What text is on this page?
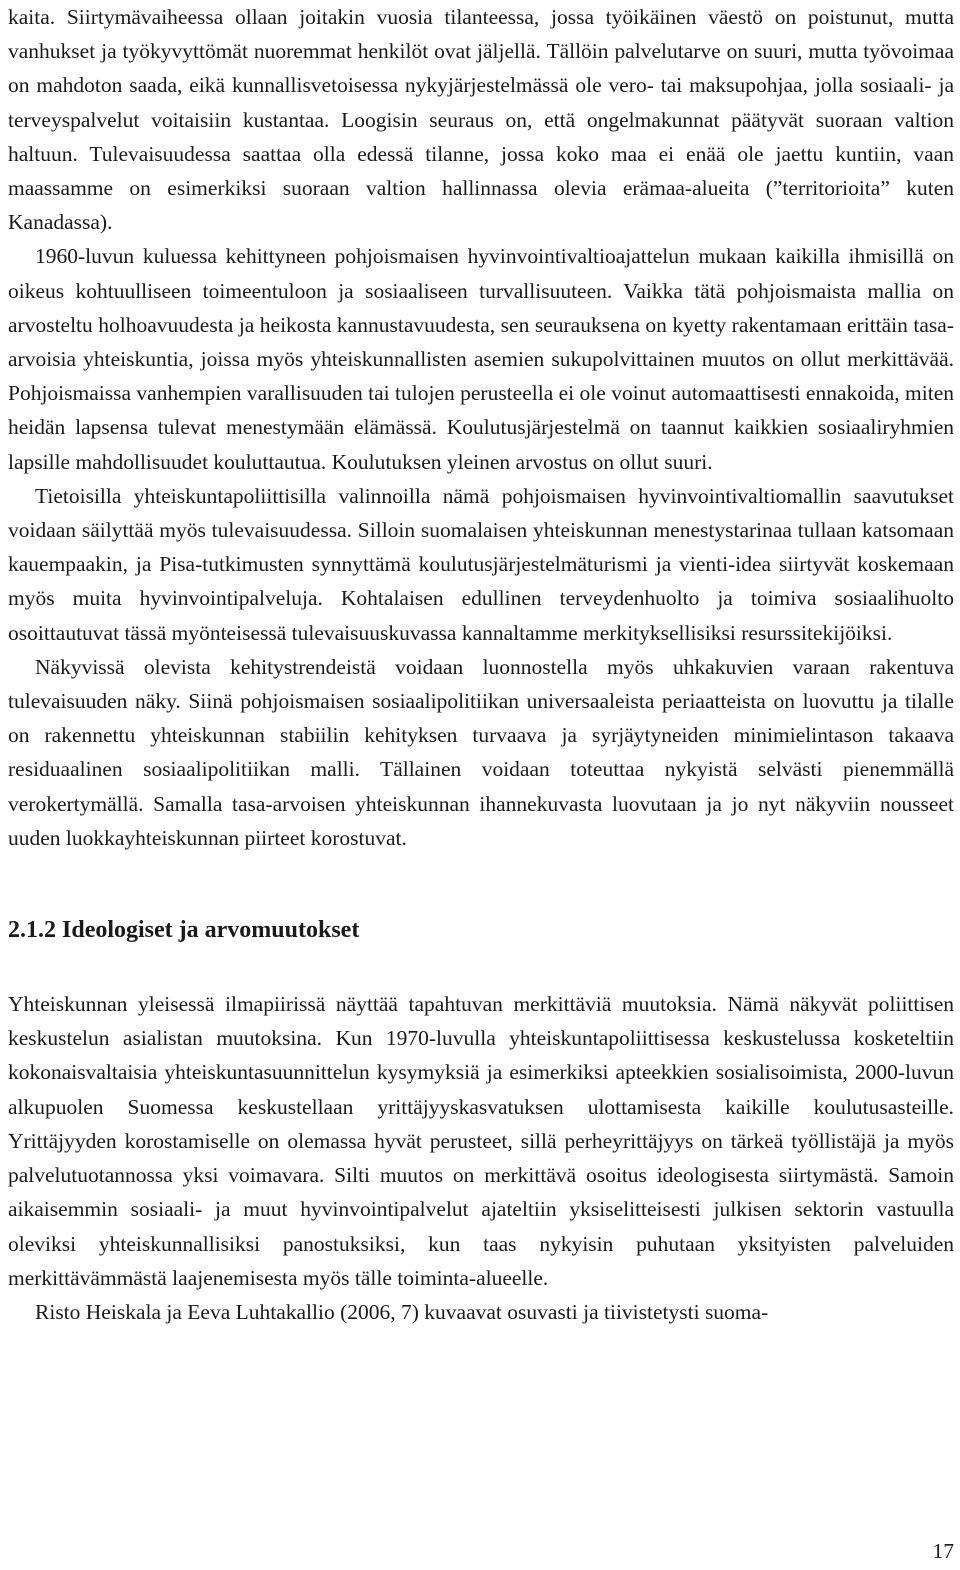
kaita. Siirtymävaiheessa ollaan joitakin vuosia tilanteessa, jossa työikäinen väestö on poistunut, mutta vanhukset ja työkyvyttömät nuoremmat henkilöt ovat jäljellä. Tällöin palvelutarve on suuri, mutta työvoimaa on mahdoton saada, eikä kunnallisvetoisessa nykyjärjestelmässä ole vero- tai maksupohjaa, jolla sosiaali- ja terveyspalvelut voitaisiin kustantaa. Loogisin seuraus on, että ongelmakunnat päätyvät suoraan valtion haltuun. Tulevaisuudessa saattaa olla edessä tilanne, jossa koko maa ei enää ole jaettu kuntiin, vaan maassamme on esimerkiksi suoraan valtion hallinnassa olevia erämaa-alueita (”territorioita” kuten Kanadassa).

1960-luvun kuluessa kehittyneen pohjoismaisen hyvinvointivaltioajattelun mukaan kaikilla ihmisillä on oikeus kohtuulliseen toimeentuloon ja sosiaaliseen turvallisuuteen. Vaikka tätä pohjoismaista mallia on arvosteltu holhoavuudesta ja heikosta kannustavuudesta, sen seurauksena on kyetty rakentamaan erittäin tasa-arvoisia yhteiskuntia, joissa myös yhteiskunnallisten asemien sukupolvittainen muutos on ollut merkittävää. Pohjoismaissa vanhempien varallisuuden tai tulojen perusteella ei ole voinut automaattisesti ennakoida, miten heidän lapsensa tulevat menestymään elämässä. Koulutusjärjestelmä on taannut kaikkien sosiaaliryhmien lapsille mahdollisuudet kouluttautua. Koulutuksen yleinen arvostus on ollut suuri.

Tietoisilla yhteiskuntapoliittisilla valinnoilla nämä pohjoismaisen hyvinvointivaltiomallin saavutukset voidaan säilyttää myös tulevaisuudessa. Silloin suomalaisen yhteiskunnan menestystarinaa tullaan katsomaan kauempaakin, ja Pisa-tutkimusten synnyttämä koulutusjärjestelmäturismi ja vienti-idea siirtyvät koskemaan myös muita hyvinvointipalveluja. Kohtalaisen edullinen terveydenhuolto ja toimiva sosiaalihuolto osoittautuvat tässä myönteisessä tulevaisuuskuvassa kannaltamme merkityksellisiksi resurssitekijöiksi.

Näkyvissä olevista kehitystrendeistä voidaan luonnostella myös uhkakuvien varaan rakentuva tulevaisuuden näky. Siinä pohjoismaisen sosiaalipolitiikan universaaleista periaatteista on luovuttu ja tilalle on rakennettu yhteiskunnan stabiilin kehityksen turvaava ja syrjäytyneiden minimielintason takaava residuaalinen sosiaalipolitiikan malli. Tällainen voidaan toteuttaa nykyistä selvästi pienemmällä verokertymällä. Samalla tasa-arvoisen yhteiskunnan ihannekuvasta luovutaan ja jo nyt näkyviin nousseet uuden luokkayhteiskunnan piirteet korostuvat.

2.1.2 Ideologiset ja arvomuutokset

Yhteiskunnan yleisessä ilmapiirissä näyttää tapahtuvan merkittäviä muutoksia. Nämä näkyvät poliittisen keskustelun asialistan muutoksina. Kun 1970-luvulla yhteiskuntapoliittisessa keskustelussa kosketeltiin kokonaisvaltaisia yhteiskuntasuunnittelun kysymyksiä ja esimerkiksi apteekkien sosialisoimista, 2000-luvun alkupuolen Suomessa keskustellaan yrittäjyyskasvatuksen ulottamisesta kaikille koulutusasteille. Yrittäjyyden korostamiselle on olemassa hyvät perusteet, sillä perheyrittäjyys on tärkeä työllistäjä ja myös palvelutuotannossa yksi voimavara. Silti muutos on merkittävä osoitus ideologisesta siirtymästä. Samoin aikaisemmin sosiaali- ja muut hyvinvointipalvelut ajateltiin yksiselitteisesti julkisen sektorin vastuulla oleviksi yhteiskunnallisiksi panostuksiksi, kun taas nykyisin puhutaan yksityisten palveluiden merkittävämmästä laajenemisesta myös tälle toiminta-alueelle.

Risto Heiskala ja Eeva Luhtakallio (2006, 7) kuvaavat osuvasti ja tiivistetysti suoma-

17
